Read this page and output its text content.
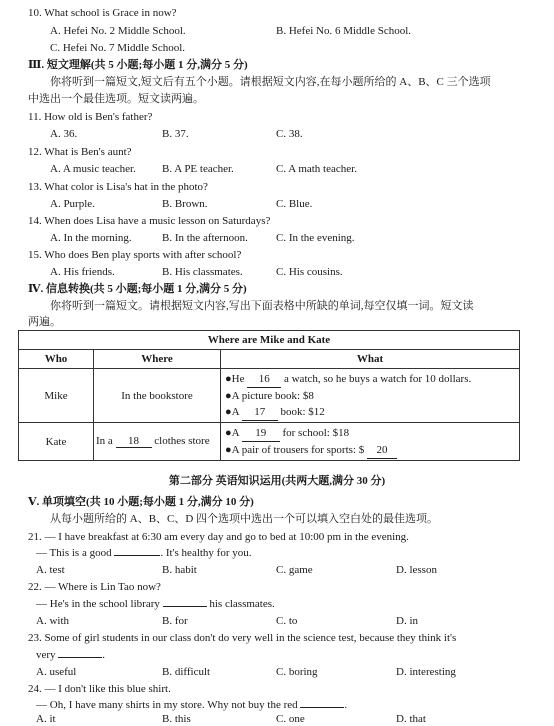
10. What school is Grace in now?
A. Hefei No. 2 Middle School.	B. Hefei No. 6 Middle School.
C. Hefei No. 7 Middle School.
Ⅲ. 短文理解(共 5 小题;每小题 1 分,满分 5 分)
你将听到一篇短文,短文后有五个小题。请根据短文内容,在每小题所给的 A、B、C 三个选项
中选出一个最佳选项。短文读两遍。
11. How old is Ben's father?
A. 36.	B. 37.	C. 38.
12. What is Ben's aunt?
A. A music teacher. B. A PE teacher.	C. A math teacher.
13. What color is Lisa's hat in the photo?
A. Purple.	B. Brown.	C. Blue.
14. When does Lisa have a music lesson on Saturdays?
A. In the morning.	B. In the afternoon.	C. In the evening.
15. Who does Ben play sports with after school?
A. His friends.	B. His classmates.	C. His cousins.
Ⅳ. 信息转换(共 5 小题;每小题 1 分,满分 5 分)
你将听到一篇短文。请根据短文内容,写出下面表格中所缺的单词,每空仅填一词。短文读
两遍。
Where are Mike and Kate		
Who	Where	What
Mike	In the bookstore	●He 16 a watch, so he buys a watch for 10 dollars.
●A picture book: $8
●A 17 book: $12

Kate	In a 18 clothes store	●A 19 for school: $18
●A pair of trousers for sports: $ 20
第二部分 英语知识运用(共两大题,满分 30 分)
Ⅴ. 单项填空(共 10 小题;每小题 1 分,满分 10 分)
从每小题所给的 A、B、C、D 四个选项中选出一个可以填入空白处的最佳选项。
21. — I have breakfast at 6:30 am every day and go to bed at 10:00 pm in the evening.
— This is a good	. It's healthy for you.
A. test	B. habit	C. game	D. lesson
22. — Where is Lin Tao now?
— He's in the school library	his classmates.
A. with	B. for	C. to	D. in
23. Some of girl students in our class don't do very well in the science test, because they think it's
very	.
A. useful	B. difficult	C. boring	D. interesting
24. — I don't like this blue shirt.
— Oh, I have many shirts in my store. Why not buy the red	.
A. it	B. this	C. one	D. that
